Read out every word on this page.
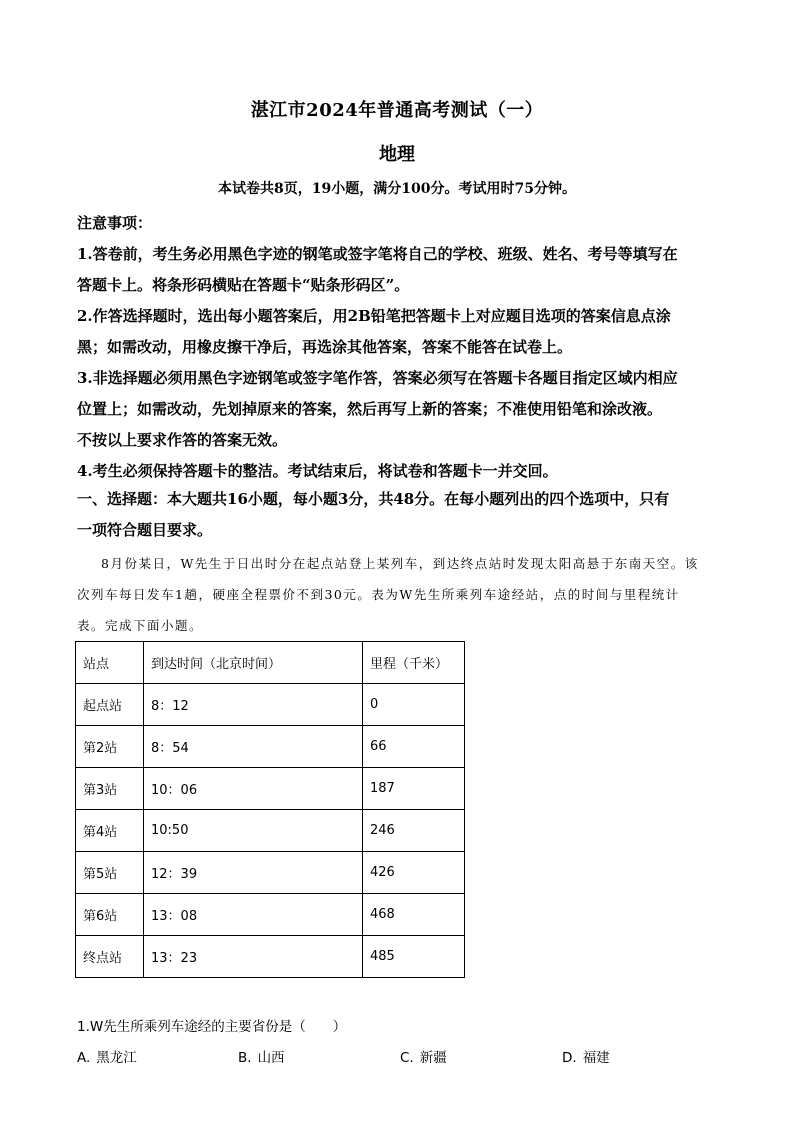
湛江市2024年普通高考测试（一）
地理
本试卷共8页，19小题，满分100分。考试用时75分钟。
注意事项：
1.答卷前，考生务必用黑色字迹的钢笔或签字笔将自己的学校、班级、姓名、考号等填写在
答题卡上。将条形码横贴在答题卡“贴条形码区”。
2.作答选择题时，选出每小题答案后，用2B铅笔把答题卡上对应题目选项的答案信息点涂
黑；如需改动，用橡皮擦干净后，再选涂其他答案，答案不能答在试卷上。
3.非选择题必须用黑色字迹钢笔或签字笔作答，答案必须写在答题卡各题目指定区域内相应
位置上；如需改动，先划掉原来的答案，然后再写上新的答案；不准使用铅笔和涂改液。
不按以上要求作答的答案无效。
4.考生必须保持答题卡的整洁。考试结束后，将试卷和答题卡一并交回。
一、选择题：本大题共16小题，每小题3分，共48分。在每小题列出的四个选项中，只有
一项符合题目要求。
8月份某日，W先生于日出时分在起点站登上某列车，到达终点站时发现太阳高悬于东南天空。该
次列车每日发车1趟，硬座全程票价不到30元。表为W先生所乘列车途经站，点的时间与里程统计
表。完成下面小题。
站点	到达时间（北京时间）	里程（千米）
起点站	8：12	0
第2站	8：54	66
第3站	10：06	187
第4站	10:50	246
第5站	12：39	426
第6站	13：08	468
终点站	13：23	485
1.W先生所乘列车途经的主要省份是（　　）
A. 黑龙江	B. 山西	C. 新疆	D. 福建
